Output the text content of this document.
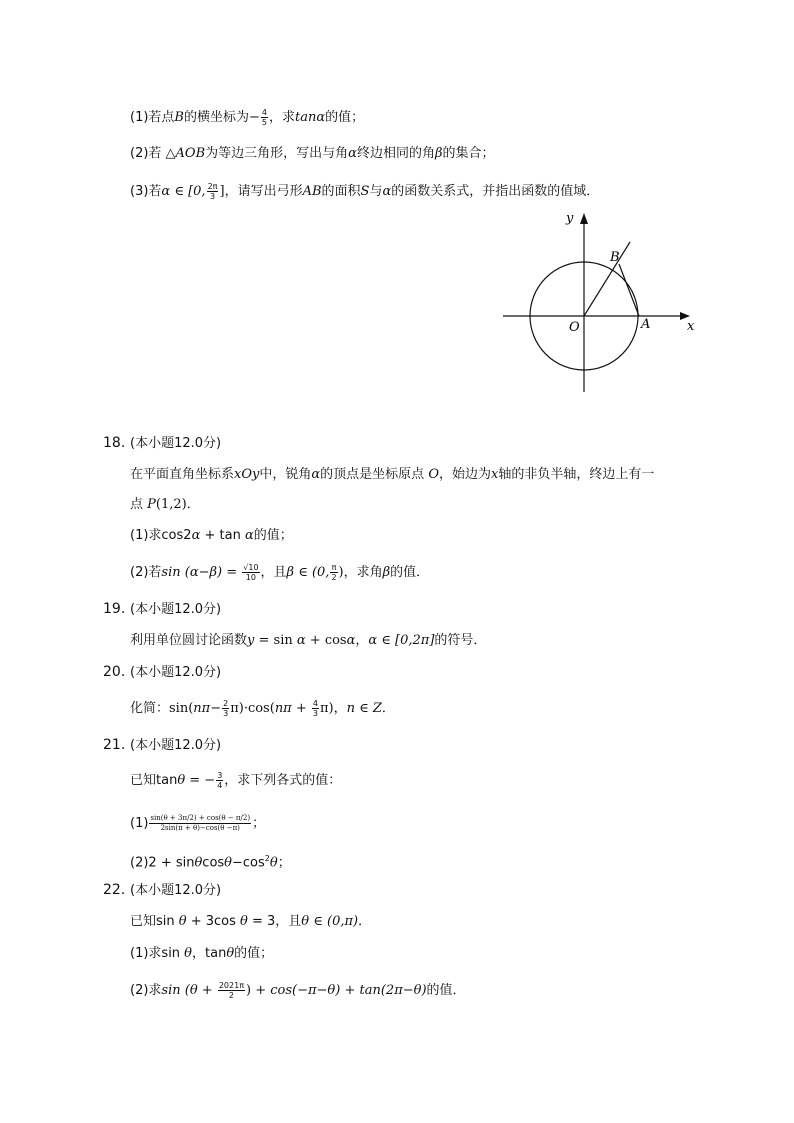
(1)若点B的横坐标为− $\frac{4}{5}$ ，求tanα的值；
(2)若 △AOB为等边三角形，写出与角α终边相同的角β的集合；
(3)若α ∈ [0, $\frac{2\pi}{3}$ ]，请写出弓形AB的面积S与α的函数关系式，并指出函数的值域．
y
x
O	A
B
18. (本小题12.0分)
在平面直角坐标系xOy中，锐角α的顶点是坐标原点 O，始边为x轴的非负半轴，终边上有一
点 P(1,2)．
(1)求cos2α + tan α的值；
(2)若$\sin (\alpha-\beta) = \frac{√10}{10}$ ，且β ∈ (0, $\frac{\pi}{2}$ )，求角β的值．
19. (本小题12.0分)
利用单位圆讨论函数y = sin α + cosα，α ∈ [0,2π]的符号．
20. (本小题12.0分)
化简：$\sin(n\pi- \frac{2}{3} \pi)\cdot\cos(n\pi + \frac{4}{3} \pi)$，n ∈ Z．
21. (本小题12.0分)
已知tanθ = − $\frac{3}{4}$ ，求下列各式的值：
$(1) \frac{\sin(\theta + 3\pi/2) + \cos(\theta - \pi/2)}{2\sin(\pi + \theta)-\cos(\theta -\pi)}$ ；
$(2)2 + \sin\theta\cos\theta-\cos^2\theta$；
22. (本小题12.0分)
已知sin θ + 3cos θ = 3，且θ ∈ (0,π)．
(1)求sin θ，tanθ的值；
(2)求$\sin (\theta + \frac{2021\pi}{2}$ ) + cos(−π−θ) + tan(2π−θ)的值．
